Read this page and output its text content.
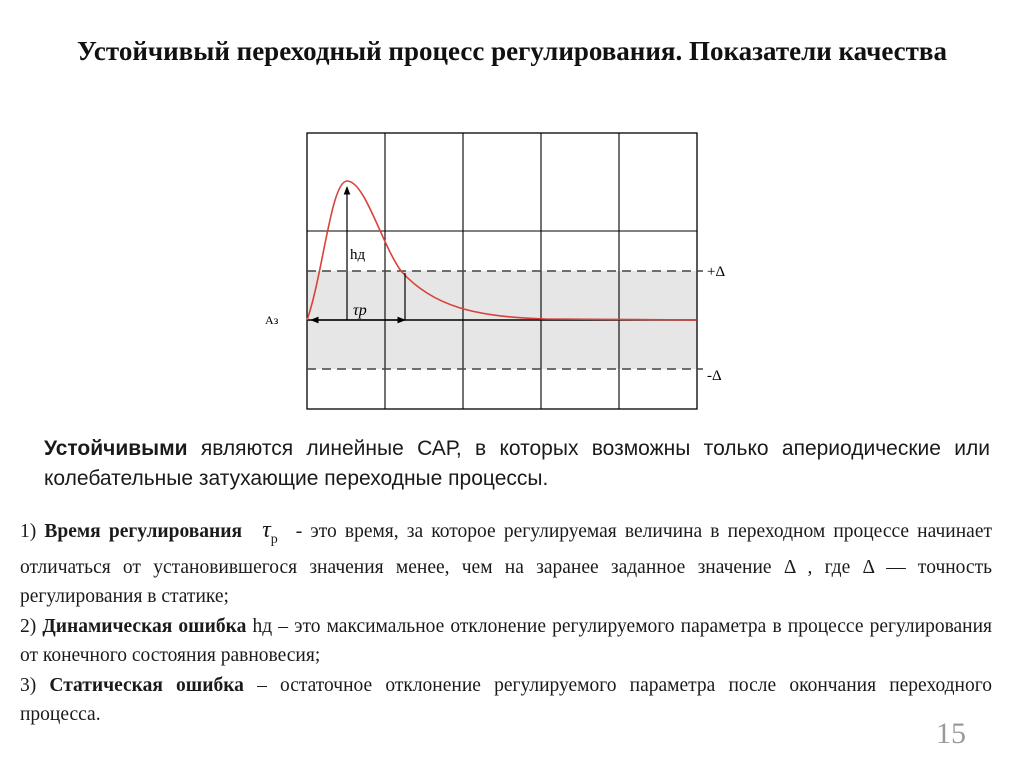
Устойчивый переходный процесс регулирования. Показатели качества
Аз
hд
τр
+Δ
-Δ

Устойчивыми являются линейные САР, в которых возможны только апериодические или колебательные затухающие переходные процессы.

1) Время регулирования $\tau_р$ - это время, за которое регулируемая величина в переходном процессе начинает отличаться от установившегося значения менее, чем на заранее заданное значение Δ , где Δ — точность регулирования в статике;

2) Динамическая ошибка hд – это максимальное отклонение регулируемого параметра в процессе регулирования от конечного состояния равновесия;

3) Статическая ошибка – остаточное отклонение регулируемого параметра после окончания переходного процесса.

15
